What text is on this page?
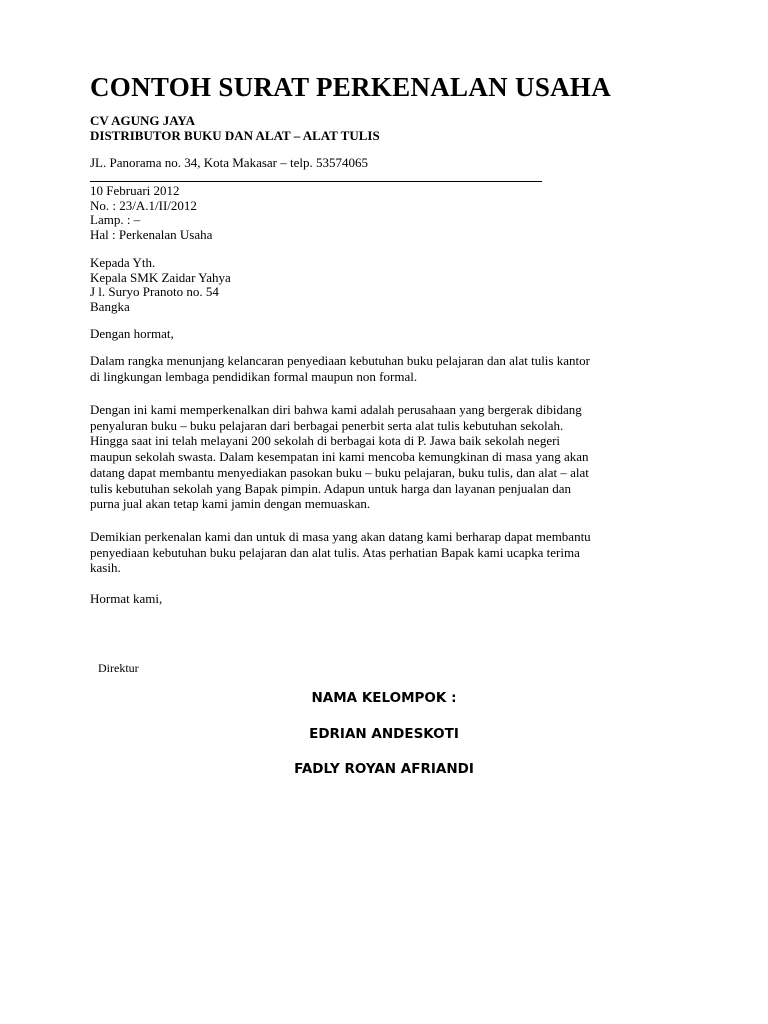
CONTOH SURAT PERKENALAN USAHA
CV AGUNG JAYA
DISTRIBUTOR BUKU DAN ALAT – ALAT TULIS
JL. Panorama no. 34, Kota Makasar – telp. 53574065
10 Februari 2012
No. : 23/A.1/II/2012
Lamp. : –
Hal : Perkenalan Usaha
Kepada Yth.
Kepala SMK Zaidar Yahya
J l. Suryo Pranoto no. 54
Bangka
Dengan hormat,
Dalam rangka menunjang kelancaran penyediaan kebutuhan buku pelajaran dan alat tulis kantor
di lingkungan lembaga pendidikan formal maupun non formal.
Dengan ini kami memperkenalkan diri bahwa kami adalah perusahaan yang bergerak dibidang
penyaluran buku – buku pelajaran dari berbagai penerbit serta alat tulis kebutuhan sekolah.
Hingga saat ini telah melayani 200 sekolah di berbagai kota di P. Jawa baik sekolah negeri
maupun sekolah swasta. Dalam kesempatan ini kami mencoba kemungkinan di masa yang akan
datang dapat membantu menyediakan pasokan buku – buku pelajaran, buku tulis, dan alat – alat
tulis kebutuhan sekolah yang Bapak pimpin. Adapun untuk harga dan layanan penjualan dan
purna jual akan tetap kami jamin dengan memuaskan.
Demikian perkenalan kami dan untuk di masa yang akan datang kami berharap dapat membantu
penyediaan kebutuhan buku pelajaran dan alat tulis. Atas perhatian Bapak kami ucapka terima
kasih.
Hormat kami,
Direktur
NAMA KELOMPOK :
EDRIAN ANDESKOTI
FADLY ROYAN AFRIANDI
